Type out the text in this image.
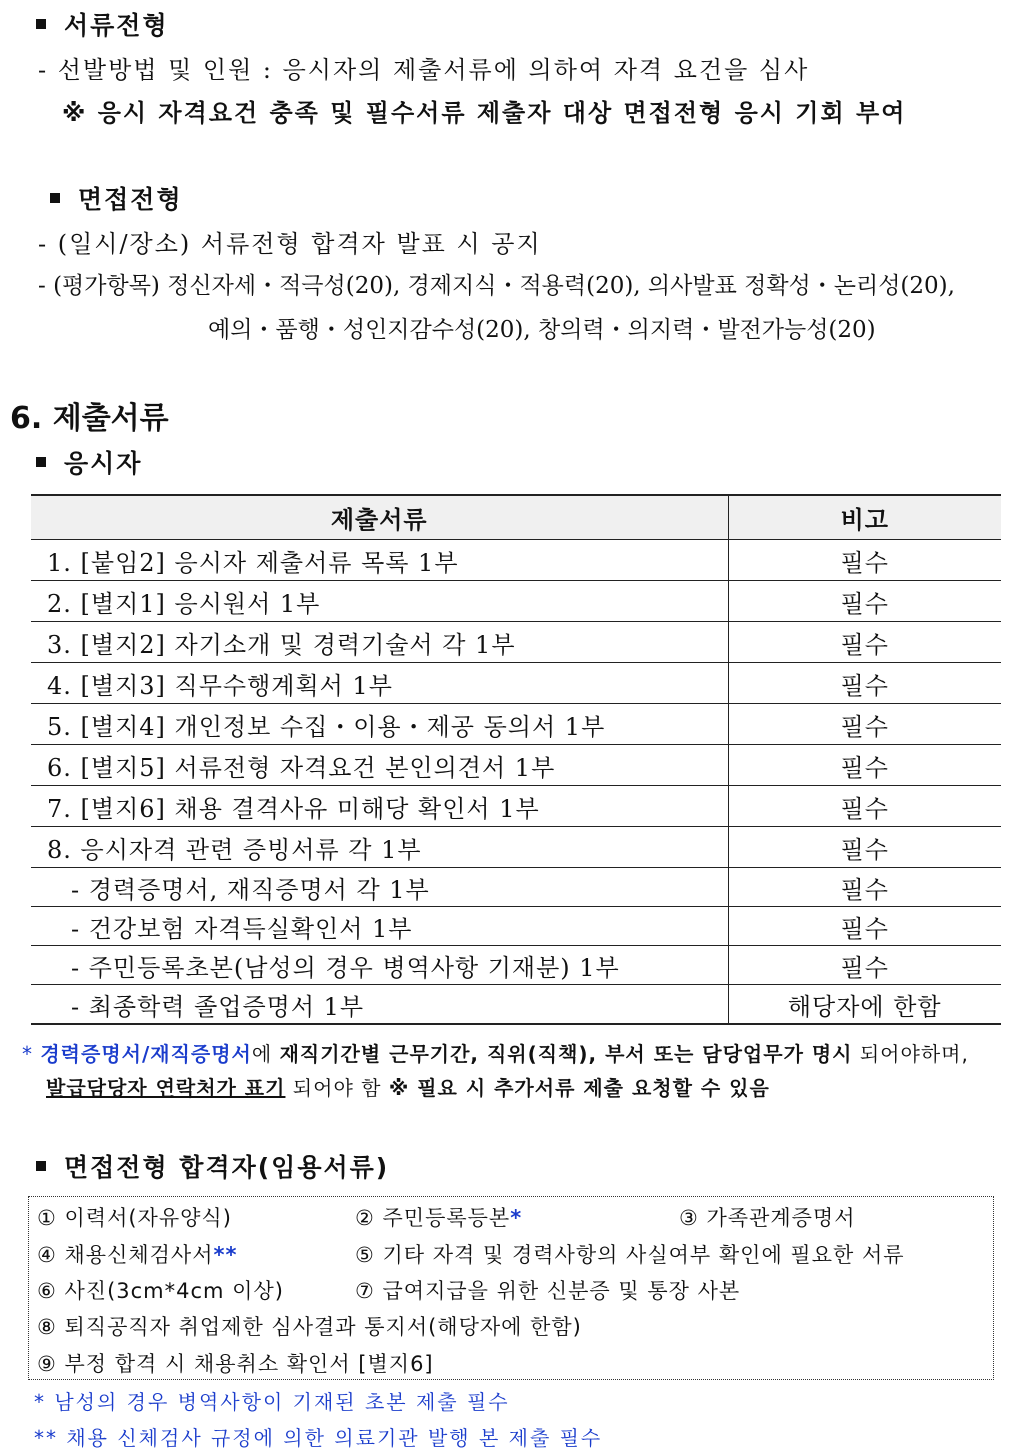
서류전형
- 선발방법 및 인원 : 응시자의 제출서류에 의하여 자격 요건을 심사
※ 응시 자격요건 충족 및 필수서류 제출자 대상 면접전형 응시 기회 부여
면접전형
- (일시/장소) 서류전형 합격자 발표 시 공지
- (평가항목) 정신자세・적극성(20), 경제지식・적용력(20), 의사발표 정확성・논리성(20),
예의・품행・성인지감수성(20), 창의력・의지력・발전가능성(20)
6. 제출서류
응시자
제출서류	비고
1. [붙임2] 응시자 제출서류 목록 1부	필수
2. [별지1] 응시원서 1부	필수
3. [별지2] 자기소개 및 경력기술서 각 1부	필수
4. [별지3] 직무수행계획서 1부	필수
5. [별지4] 개인정보 수집・이용・제공 동의서 1부	필수
6. [별지5] 서류전형 자격요건 본인의견서 1부	필수
7. [별지6] 채용 결격사유 미해당 확인서 1부	필수
8. 응시자격 관련 증빙서류 각 1부	필수
- 경력증명서, 재직증명서 각 1부	필수
- 건강보험 자격득실확인서 1부	필수
- 주민등록초본(남성의 경우 병역사항 기재분) 1부	필수
- 최종학력 졸업증명서 1부	해당자에 한함
* 경력증명서/재직증명서에 재직기간별 근무기간, 직위(직책), 부서 또는 담당업무가 명시 되어야하며,
발급담당자 연락처가 표기 되어야 함 ※ 필요 시 추가서류 제출 요청할 수 있음
면접전형 합격자(임용서류)
① 이력서(자유양식)	② 주민등록등본*	③ 가족관계증명서
④ 채용신체검사서**	⑤ 기타 자격 및 경력사항의 사실여부 확인에 필요한 서류
⑥ 사진(3cm*4cm 이상)	⑦ 급여지급을 위한 신분증 및 통장 사본
⑧ 퇴직공직자 취업제한 심사결과 통지서(해당자에 한함)
⑨ 부정 합격 시 채용취소 확인서 [별지6]
* 남성의 경우 병역사항이 기재된 초본 제출 필수
** 채용 신체검사 규정에 의한 의료기관 발행 본 제출 필수
